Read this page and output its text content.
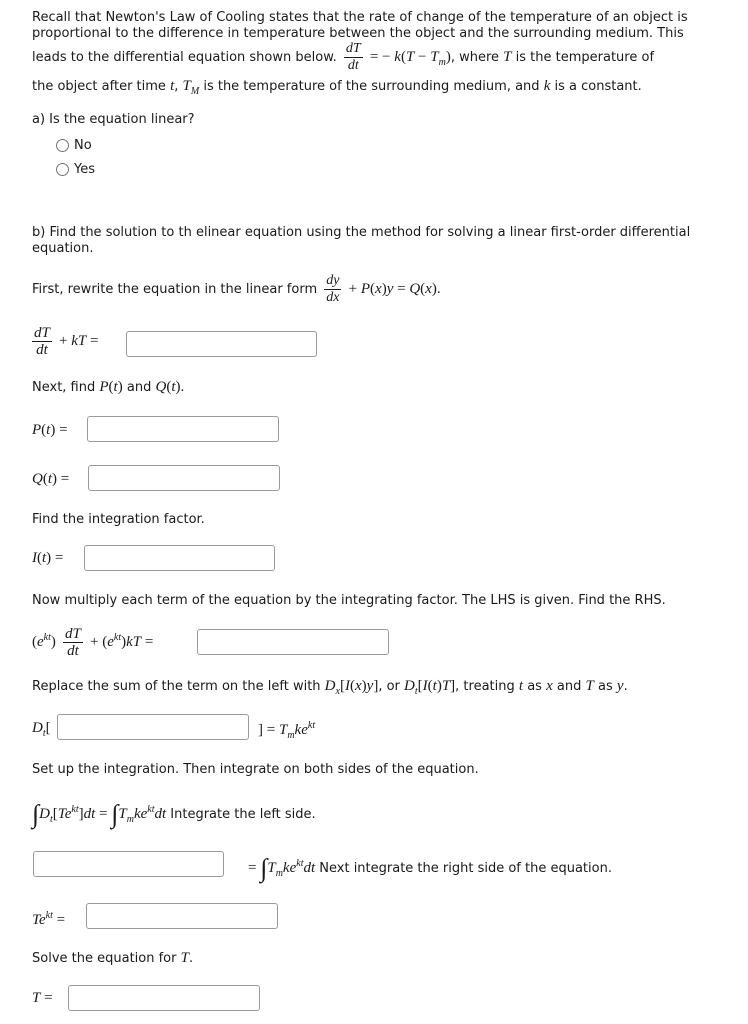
Recall that Newton's Law of Cooling states that the rate of change of the temperature of an object is
proportional to the difference in temperature between the object and the surrounding medium. This
leads to the differential equation shown below. $\frac{dT}{dt}$ = − $k(T - T_m)$, where T is the temperature of
the object after time t, $T_M$ is the temperature of the surrounding medium, and k is a constant.
a) Is the equation linear?
No
Yes
b) Find the solution to th elinear equation using the method for solving a linear first-order differential
equation.
First, rewrite the equation in the linear form $\frac{dy}{dx} + P(x)y = Q(x)$.
$\frac{dT}{dt}$ + kT =
Next, find P(t) and Q(t).
P(t) =
Q(t) =
Find the integration factor.
I(t) =
Now multiply each term of the equation by the integrating factor. The LHS is given. Find the RHS.
$(e^{kt}) \frac{dT}{dt} + (e^{kt})kT$ =
Replace the sum of the term on the left with $D_x[I(x)y]$, or $D_t[I(t)T]$, treating t as x and T as y.
$D_t$[	] = $T_mke^{kt}$
Set up the integration. Then integrate on both sides of the equation.
$\int D_t[Te^{kt}]dt = \int T_mke^{kt}dt$ Integrate the left side.
= $\int T_mke^{kt}dt$ Next integrate the right side of the equation.
$Te^{kt}$ =
Solve the equation for T.
T =
